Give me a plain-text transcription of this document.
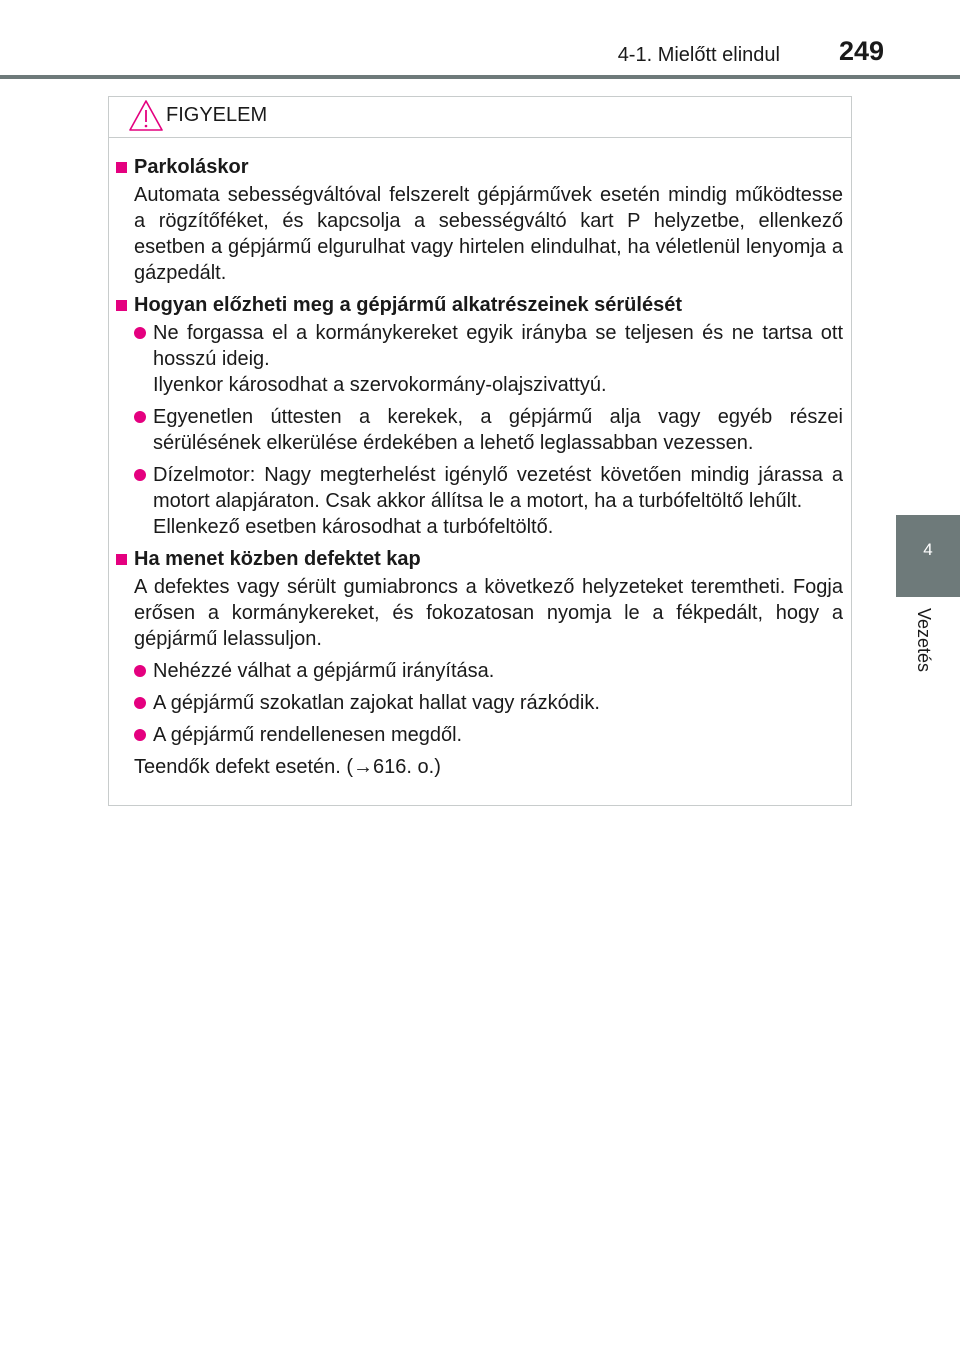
4-1. Mielőtt elindul	249
4
Vezetés
FIGYELEM
Parkoláskor
Automata sebességváltóval felszerelt gépjárművek esetén mindig működtesse a rögzítőféket, és kapcsolja a sebességváltó kart P helyzetbe, ellenkező esetben a gépjármű elgurulhat vagy hirtelen elindulhat, ha véletlenül lenyomja a gázpedált.
Hogyan előzheti meg a gépjármű alkatrészeinek sérülését
Ne forgassa el a kormánykereket egyik irányba se teljesen és ne tartsa ott hosszú ideig.
Ilyenkor károsodhat a szervokormány-olajszivattyú.
Egyenetlen úttesten a kerekek, a gépjármű alja vagy egyéb részei sérülésének elkerülése érdekében a lehető leglassabban vezessen.
Dízelmotor: Nagy megterhelést igénylő vezetést követően mindig járassa a motort alapjáraton. Csak akkor állítsa le a motort, ha a turbófeltöltő lehűlt.
Ellenkező esetben károsodhat a turbófeltöltő.
Ha menet közben defektet kap
A defektes vagy sérült gumiabroncs a következő helyzeteket teremtheti. Fogja erősen a kormánykereket, és fokozatosan nyomja le a fékpedált, hogy a gépjármű lelassuljon.
Nehézzé válhat a gépjármű irányítása.
A gépjármű szokatlan zajokat hallat vagy rázkódik.
A gépjármű rendellenesen megdől.
Teendők defekt esetén. (→616. o.)
